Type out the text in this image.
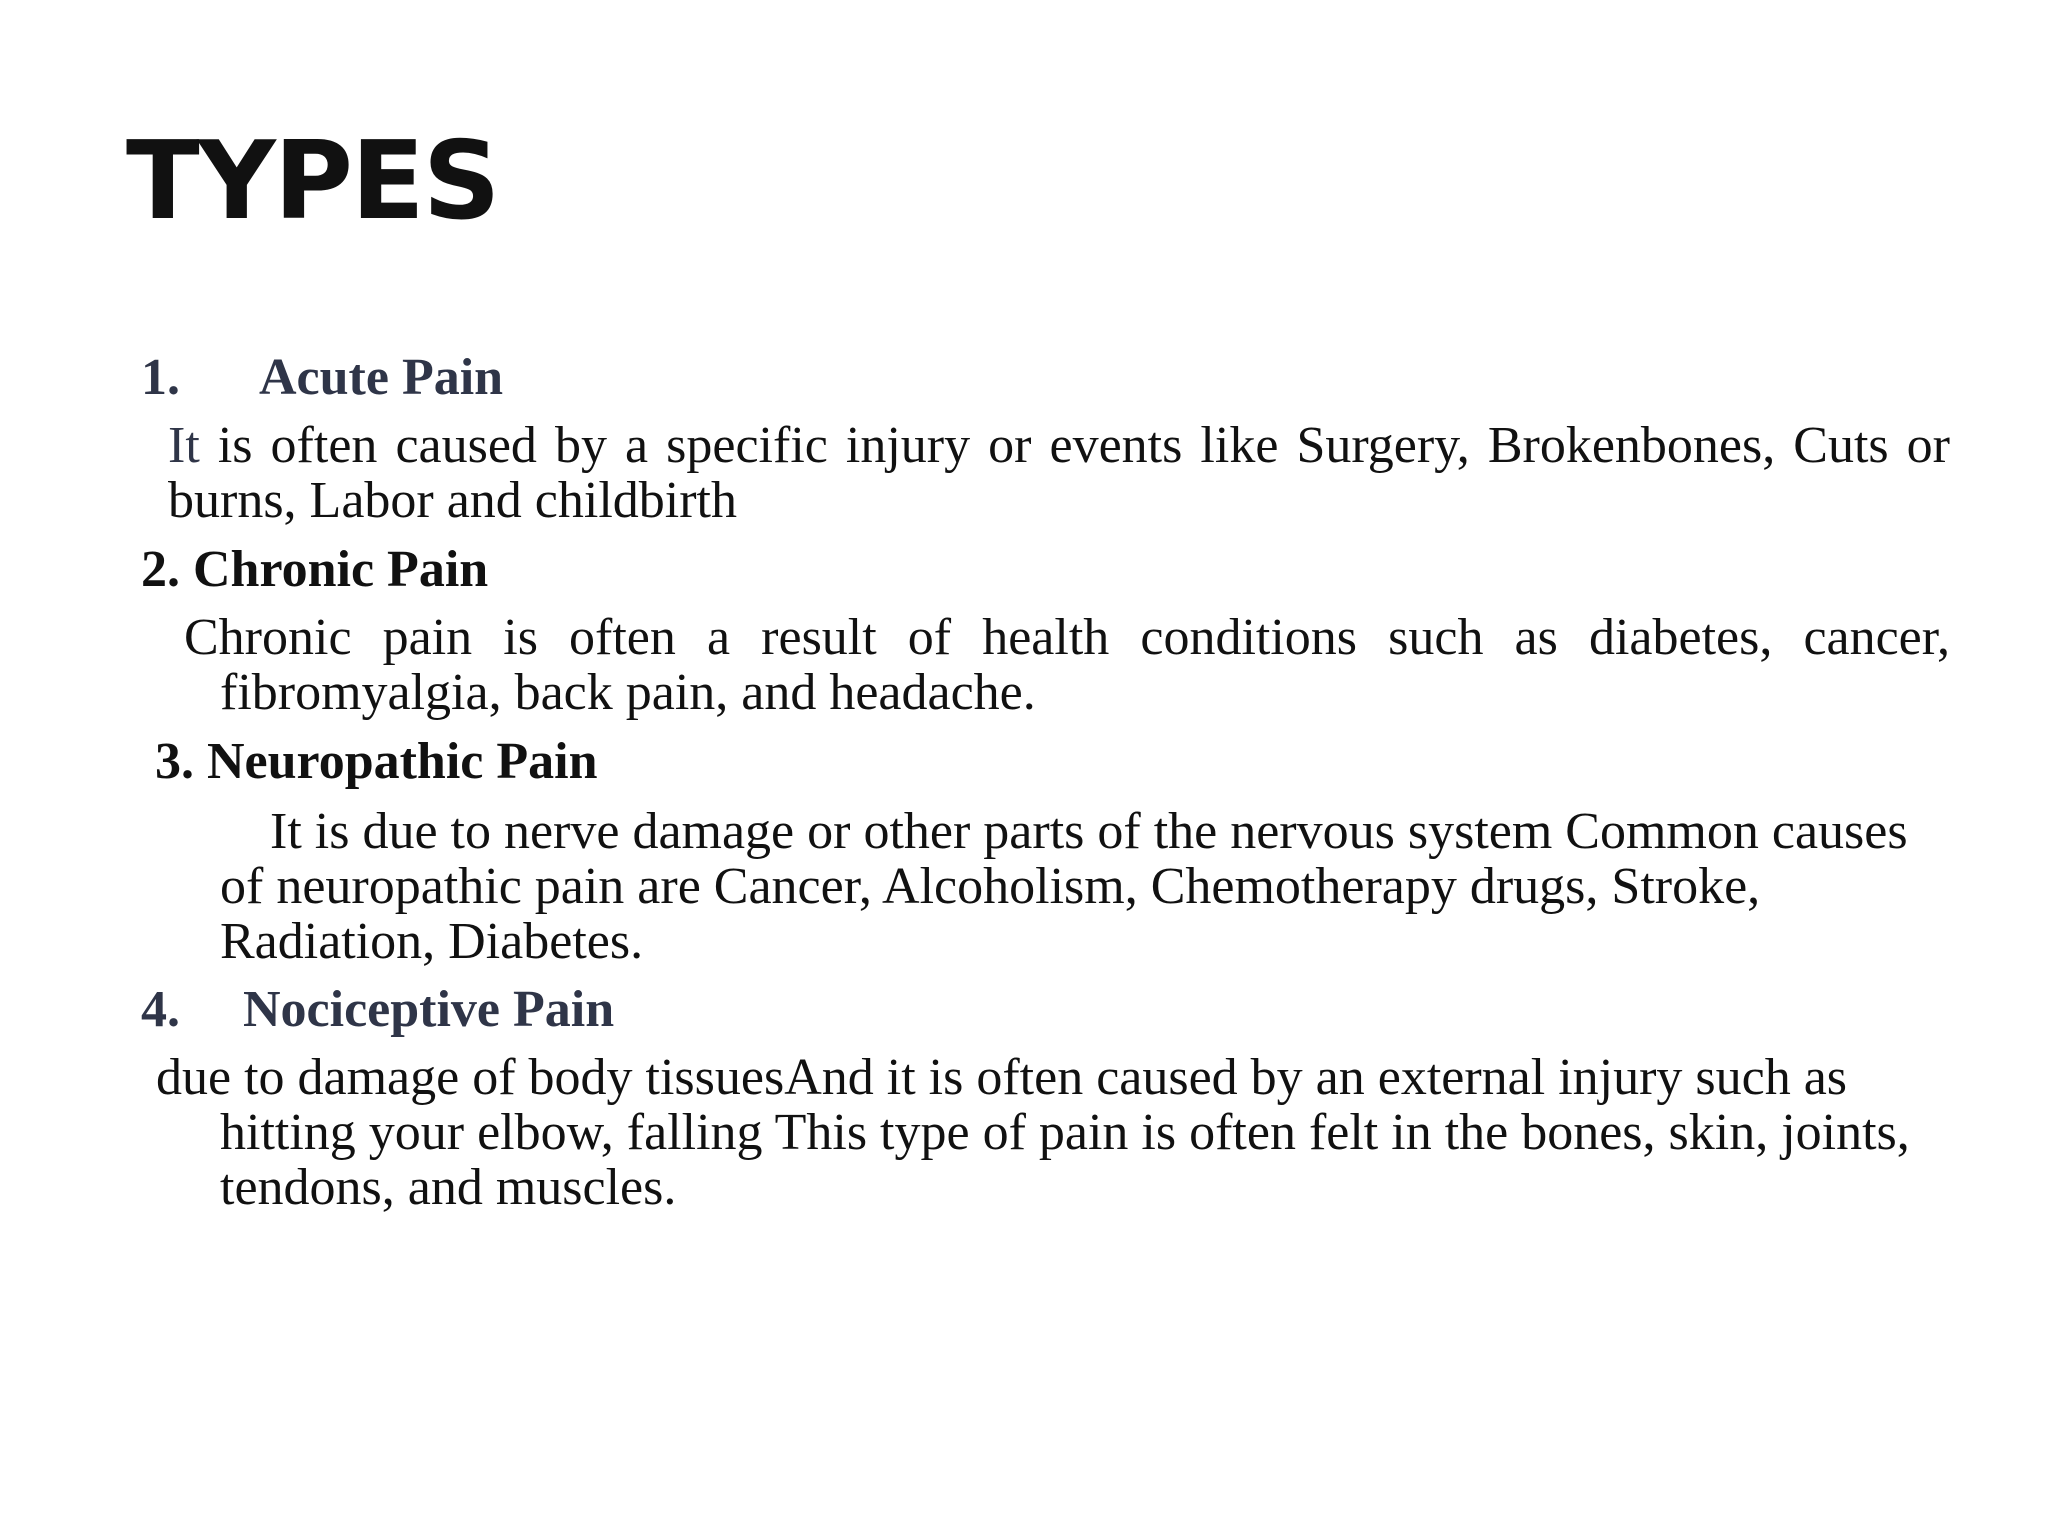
TYPES
1. Acute Pain

It is often caused by a specific injury or events like Surgery, Brokenbones, Cuts or burns, Labor and childbirth

2. Chronic Pain

Chronic pain is often a result of health conditions such as diabetes, cancer, fibromyalgia, back pain, and headache.

3. Neuropathic Pain

It is due to nerve damage or other parts of the nervous system Common causes of neuropathic pain are Cancer, Alcoholism, Chemotherapy drugs, Stroke, Radiation, Diabetes.

4. Nociceptive Pain

due to damage of body tissuesAnd it is often caused by an external injury such as hitting your elbow, falling This type of pain is often felt in the bones, skin, joints, tendons, and muscles.
